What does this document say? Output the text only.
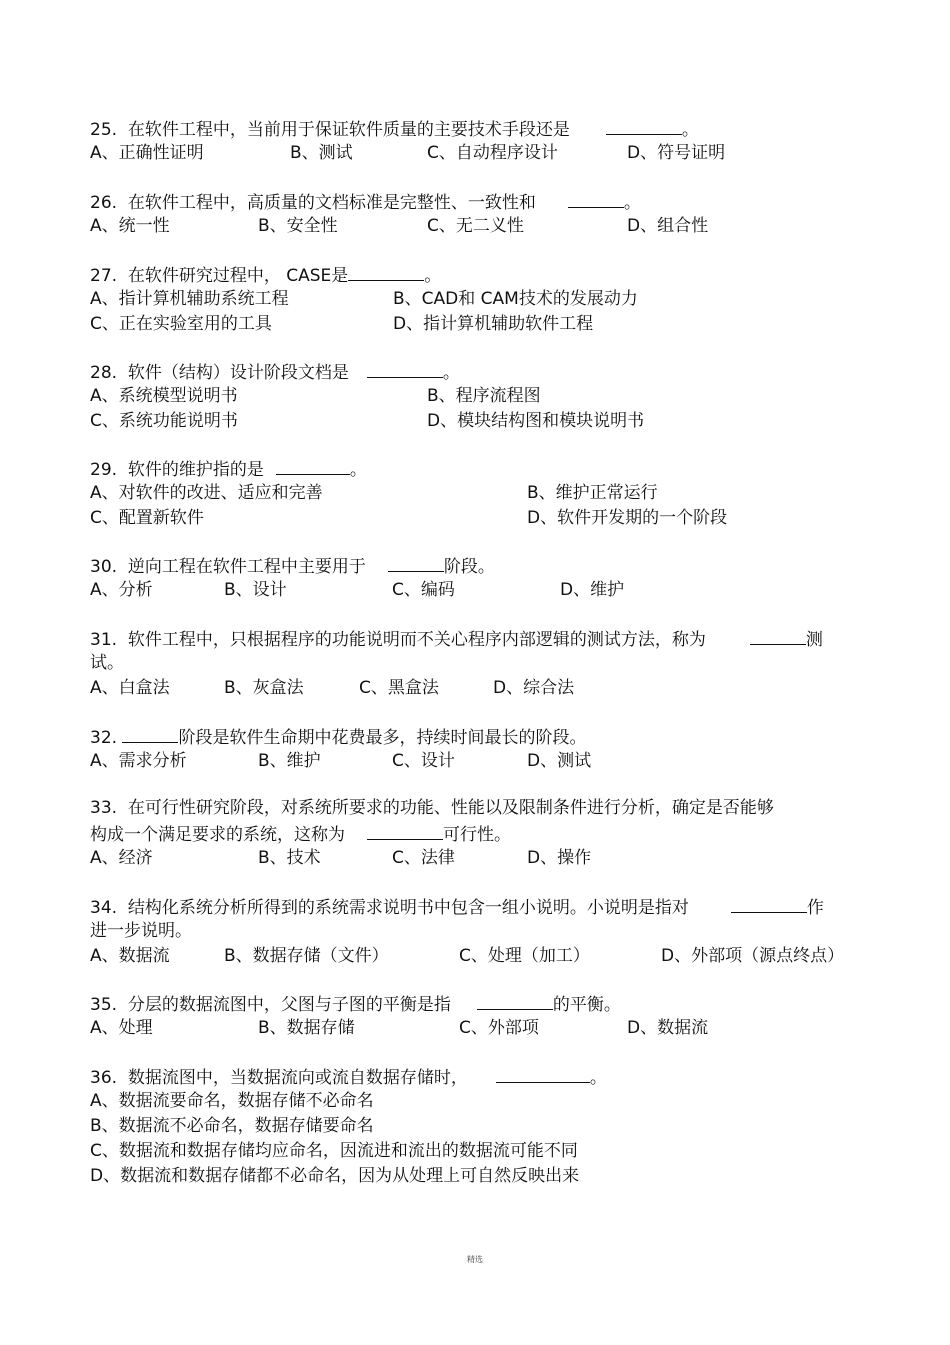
25. 在软件工程中，当前用于保证软件质量的主要技术手段还是	。
A、正确性证明	B、测试	C、自动程序设计	D、符号证明
26. 在软件工程中，高质量的文档标准是完整性、一致性和	。
A、统一性	B、安全性	C、无二义性	D、组合性
27. 在软件研究过程中， CASE是	。
A、指计算机辅助系统工程	B、CAD和 CAM技术的发展动力
C、正在实验室用的工具	D、指计算机辅助软件工程
28. 软件（结构）设计阶段文档是	。
A、系统模型说明书	B、程序流程图
C、系统功能说明书	D、模块结构图和模块说明书
29. 软件的维护指的是	。
A、对软件的改进、适应和完善	B、维护正常运行
C、配置新软件	D、软件开发期的一个阶段
30. 逆向工程在软件工程中主要用于	阶段。
A、分析	B、设计	C、编码	D、维护
31. 软件工程中，只根据程序的功能说明而不关心程序内部逻辑的测试方法，称为	测
试。
A、白盒法	B、灰盒法	C、黑盒法	D、综合法
32.	阶段是软件生命期中花费最多，持续时间最长的阶段。
A、需求分析	B、维护	C、设计	D、测试
33. 在可行性研究阶段，对系统所要求的功能、性能以及限制条件进行分析，确定是否能够
构成一个满足要求的系统，这称为	可行性。
A、经济	B、技术	C、法律	D、操作
34. 结构化系统分析所得到的系统需求说明书中包含一组小说明。小说明是指对	作
进一步说明。
A、数据流	B、数据存储（文件）	C、处理（加工）	D、外部项（源点终点）
35. 分层的数据流图中，父图与子图的平衡是指	的平衡。
A、处理	B、数据存储	C、外部项	D、数据流
36. 数据流图中，当数据流向或流自数据存储时，	。
A、数据流要命名，数据存储不必命名
B、数据流不必命名，数据存储要命名
C、数据流和数据存储均应命名，因流进和流出的数据流可能不同
D、数据流和数据存储都不必命名，因为从处理上可自然反映出来
精选
